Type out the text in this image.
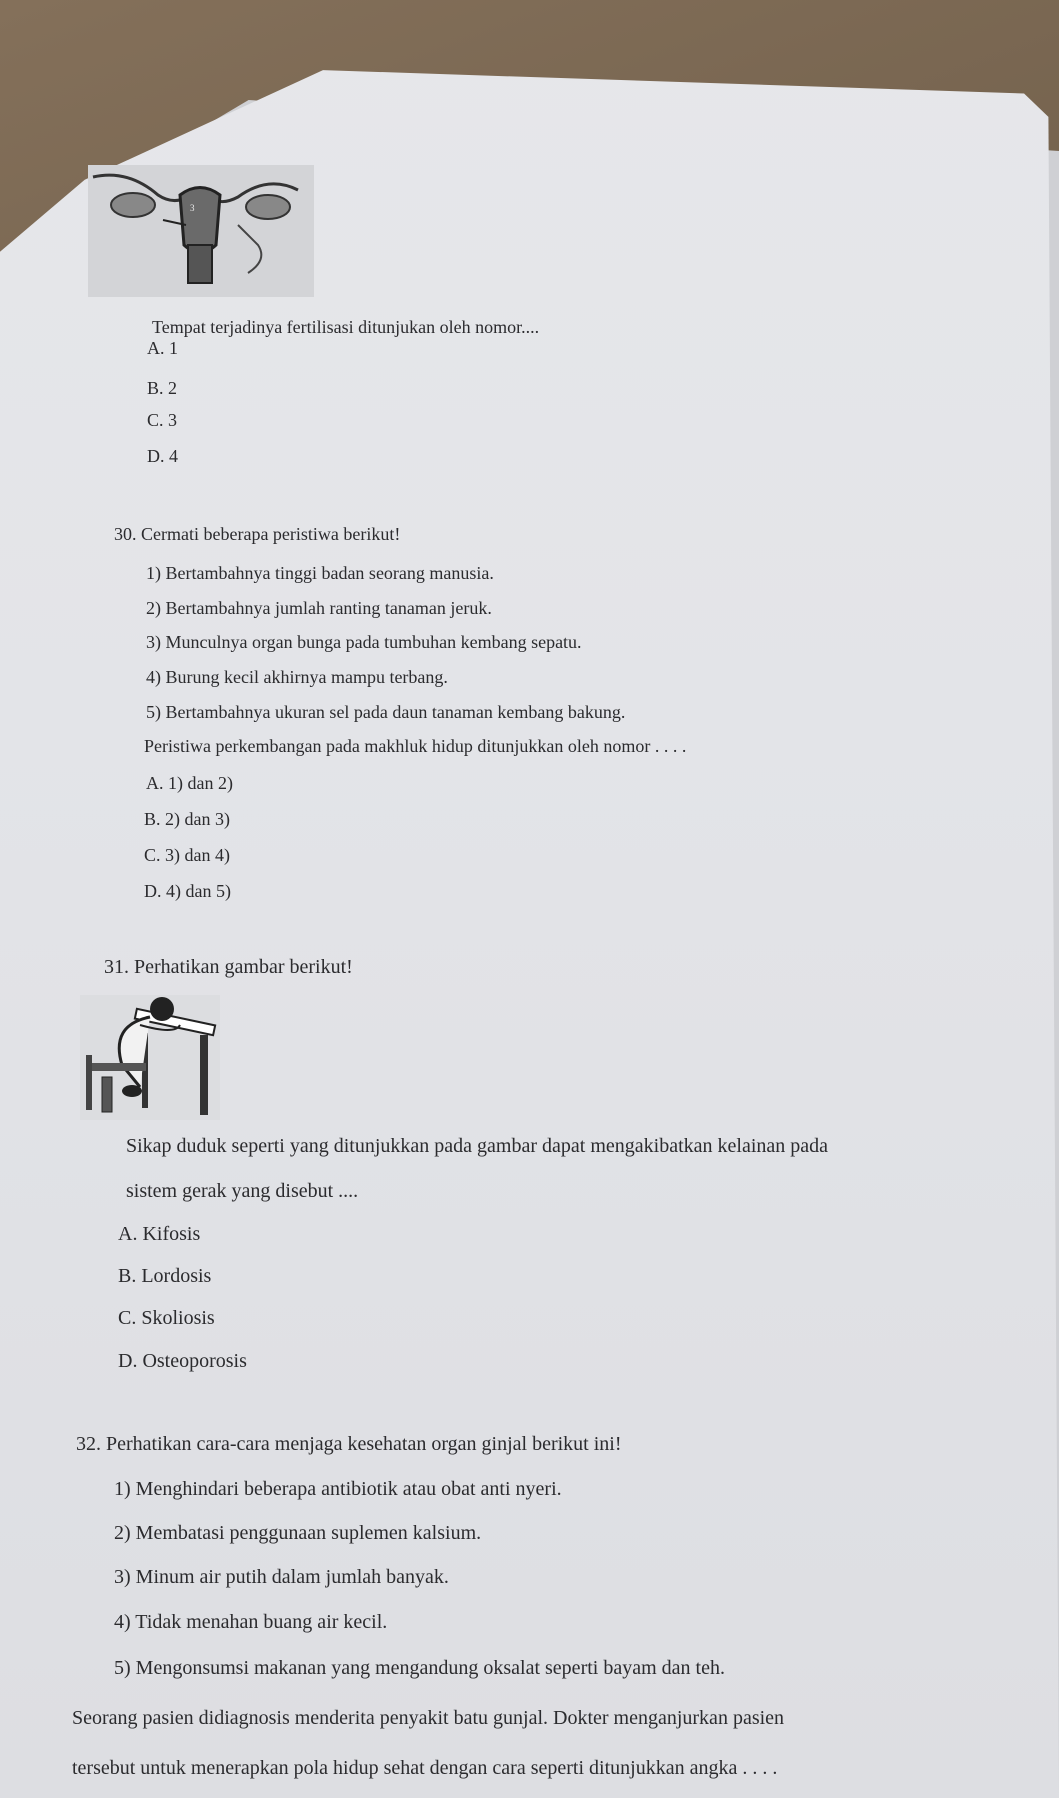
3
Tempat terjadinya fertilisasi ditunjukan oleh nomor....
A. 1
B. 2
C. 3
D. 4
30. Cermati beberapa peristiwa berikut!
1) Bertambahnya tinggi badan seorang manusia.
2) Bertambahnya jumlah ranting tanaman jeruk.
3) Munculnya organ bunga pada tumbuhan kembang sepatu.
4) Burung kecil akhirnya mampu terbang.
5) Bertambahnya ukuran sel pada daun tanaman kembang bakung.
Peristiwa perkembangan pada makhluk hidup ditunjukkan oleh nomor . . . .
A. 1) dan 2)
B. 2) dan 3)
C. 3) dan 4)
D. 4) dan 5)
31. Perhatikan gambar berikut!
Sikap duduk seperti yang ditunjukkan pada gambar dapat mengakibatkan kelainan pada
sistem gerak yang disebut ....
A. Kifosis
B. Lordosis
C. Skoliosis
D. Osteoporosis
32. Perhatikan cara-cara menjaga kesehatan organ ginjal berikut ini!
1) Menghindari beberapa antibiotik atau obat anti nyeri.
2) Membatasi penggunaan suplemen kalsium.
3) Minum air putih dalam jumlah banyak.
4) Tidak menahan buang air kecil.
5) Mengonsumsi makanan yang mengandung oksalat seperti bayam dan teh.
Seorang pasien didiagnosis menderita penyakit batu gunjal. Dokter menganjurkan pasien
tersebut untuk menerapkan pola hidup sehat dengan cara seperti ditunjukkan angka . . . .
